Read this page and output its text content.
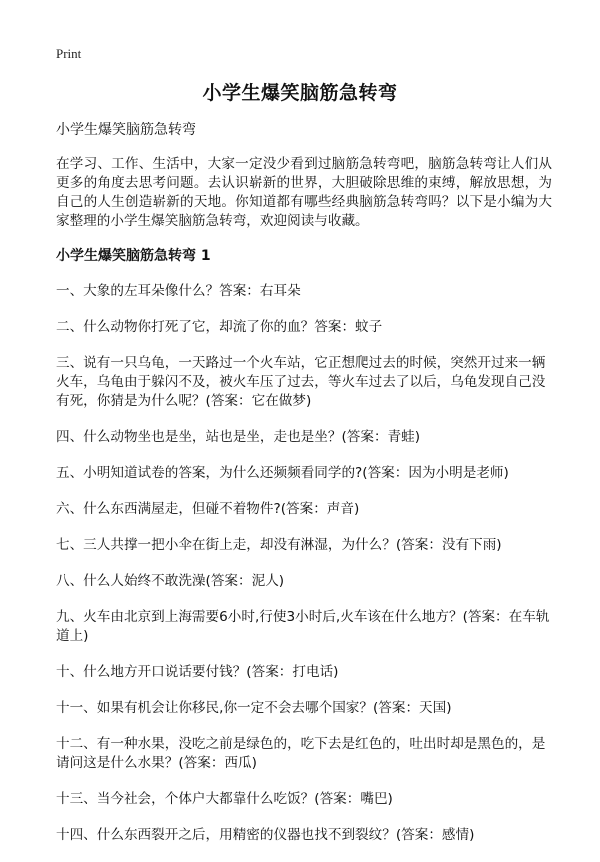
Print
小学生爆笑脑筋急转弯

小学生爆笑脑筋急转弯

在学习、工作、生活中，大家一定没少看到过脑筋急转弯吧，脑筋急转弯让人们从更多的角度去思考问题。去认识崭新的世界，大胆破除思维的束缚，解放思想，为自己的人生创造崭新的天地。你知道都有哪些经典脑筋急转弯吗？以下是小编为大家整理的小学生爆笑脑筋急转弯，欢迎阅读与收藏。

小学生爆笑脑筋急转弯 1

一、大象的左耳朵像什么？答案：右耳朵
二、什么动物你打死了它，却流了你的血？答案：蚊子
三、说有一只乌龟，一天路过一个火车站，它正想爬过去的时候，突然开过来一辆火车，乌龟由于躲闪不及，被火车压了过去，等火车过去了以后，乌龟发现自己没有死，你猜是为什么呢？(答案：它在做梦)
四、什么动物坐也是坐，站也是坐，走也是坐？(答案：青蛙)
五、小明知道试卷的答案，为什么还频频看同学的?(答案：因为小明是老师)
六、什么东西满屋走，但碰不着物件?(答案：声音)
七、三人共撑一把小伞在街上走，却没有淋湿，为什么？(答案：没有下雨)
八、什么人始终不敢洗澡(答案：泥人)
九、火车由北京到上海需要6小时,行使3小时后,火车该在什么地方？(答案：在车轨道上)
十、什么地方开口说话要付钱？(答案：打电话)
十一、如果有机会让你移民,你一定不会去哪个国家？(答案：天国)
十二、有一种水果，没吃之前是绿色的，吃下去是红色的，吐出时却是黑色的，是请问这是什么水果？(答案：西瓜)
十三、当今社会，个体户大都靠什么吃饭？(答案：嘴巴)
十四、什么东西裂开之后，用精密的仪器也找不到裂纹？(答案：感情)
